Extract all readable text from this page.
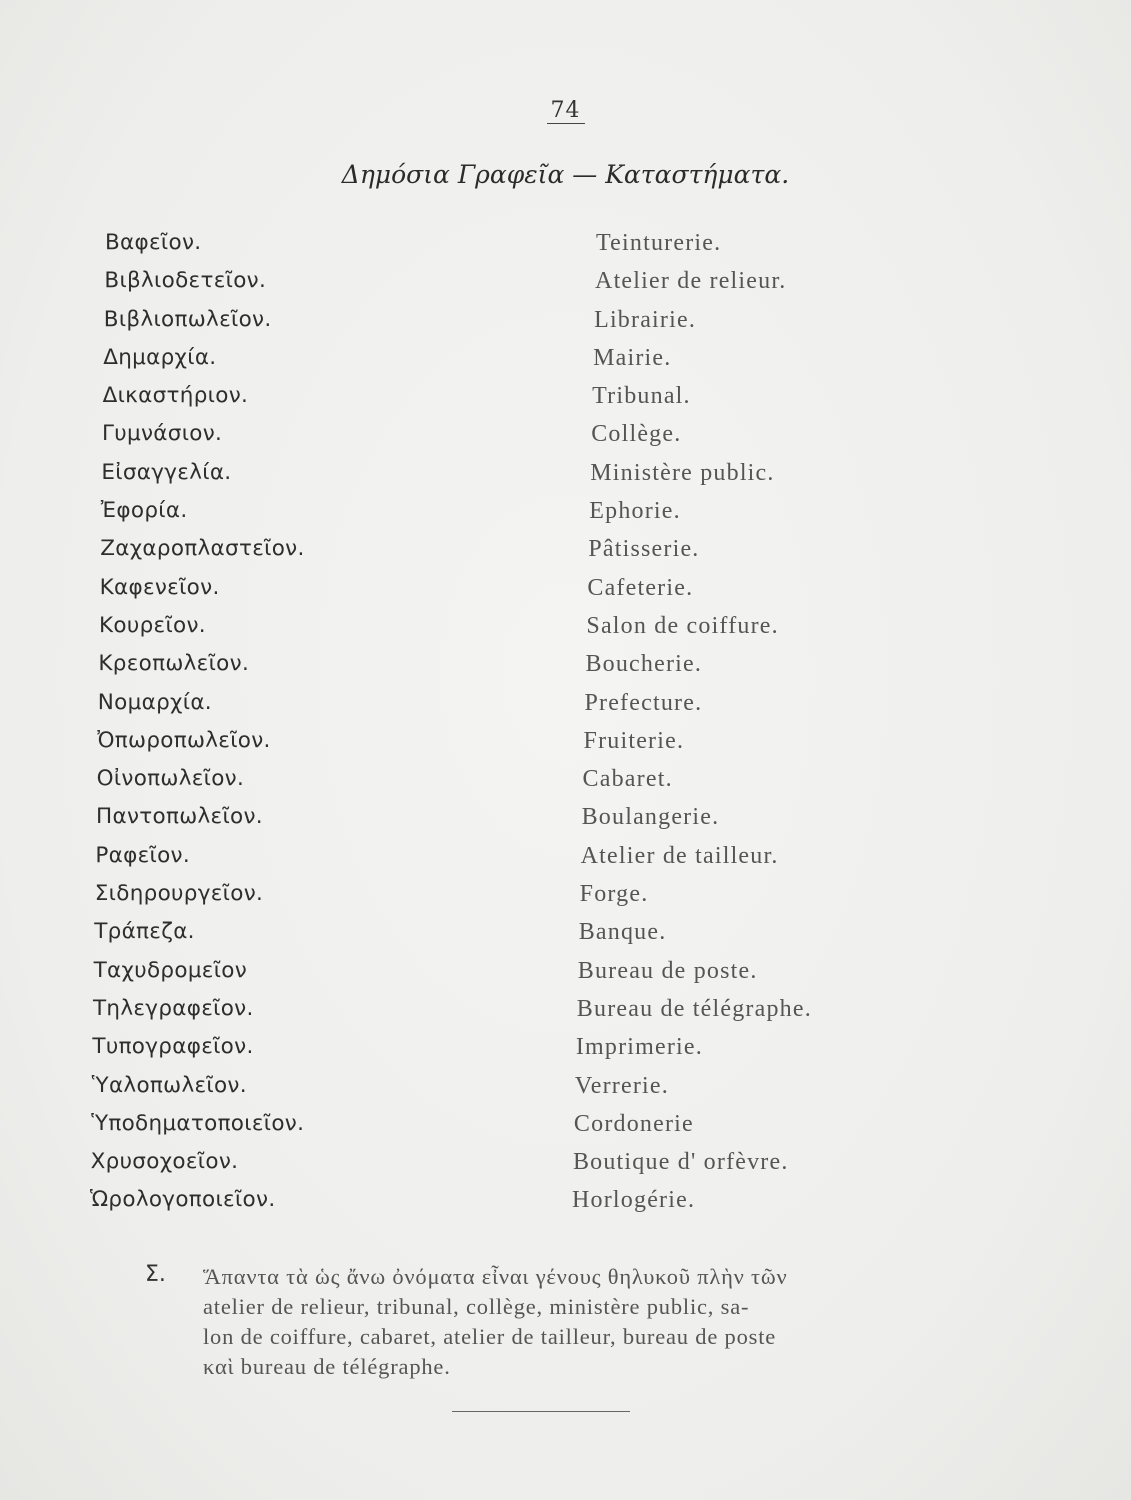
74
Δημόσια Γραφεῖα — Καταστήματα.
Βαφεῖον.	Teinturerie.
Βιβλιοδετεῖον.	Atelier de relieur.
Βιβλιοπωλεῖον.	Librairie.
Δημαρχία.	Mairie.
Δικαστήριον.	Tribunal.
Γυμνάσιον.	Collège.
Εἰσαγγελία.	Ministère public.
Ἐφορία.	Ephorie.
Ζαχαροπλαστεῖον.	Pâtisserie.
Καφενεῖον.	Cafeterie.
Κουρεῖον.	Salon de coiffure.
Κρεοπωλεῖον.	Boucherie.
Νομαρχία.	Prefecture.
Ὀπωροπωλεῖον.	Fruiterie.
Οἰνοπωλεῖον.	Cabaret.
Παντοπωλεῖον.	Boulangerie.
Ραφεῖον.	Atelier de tailleur.
Σιδηρουργεῖον.	Forge.
Τράπεζα.	Banque.
Ταχυδρομεῖον	Bureau de poste.
Τηλεγραφεῖον.	Bureau de télégraphe.
Τυπογραφεῖον.	Imprimerie.
Ὑαλοπωλεῖον.	Verrerie.
Ὑποδηματοποιεῖον.	Cordonerie
Χρυσοχοεῖον.	Boutique d' orfèvre.
Ὡρολογοποιεῖον.	Horlogérie.
Σ. Ἅπαντα τὰ ὡς ἄνω ὀνόματα εἶναι γένους θηλυκοῦ πλὴν τῶν
atelier de relieur, tribunal, collège, ministère public, sa-
lon de coiffure, cabaret, atelier de tailleur, bureau de poste
καὶ bureau de télégraphe.
